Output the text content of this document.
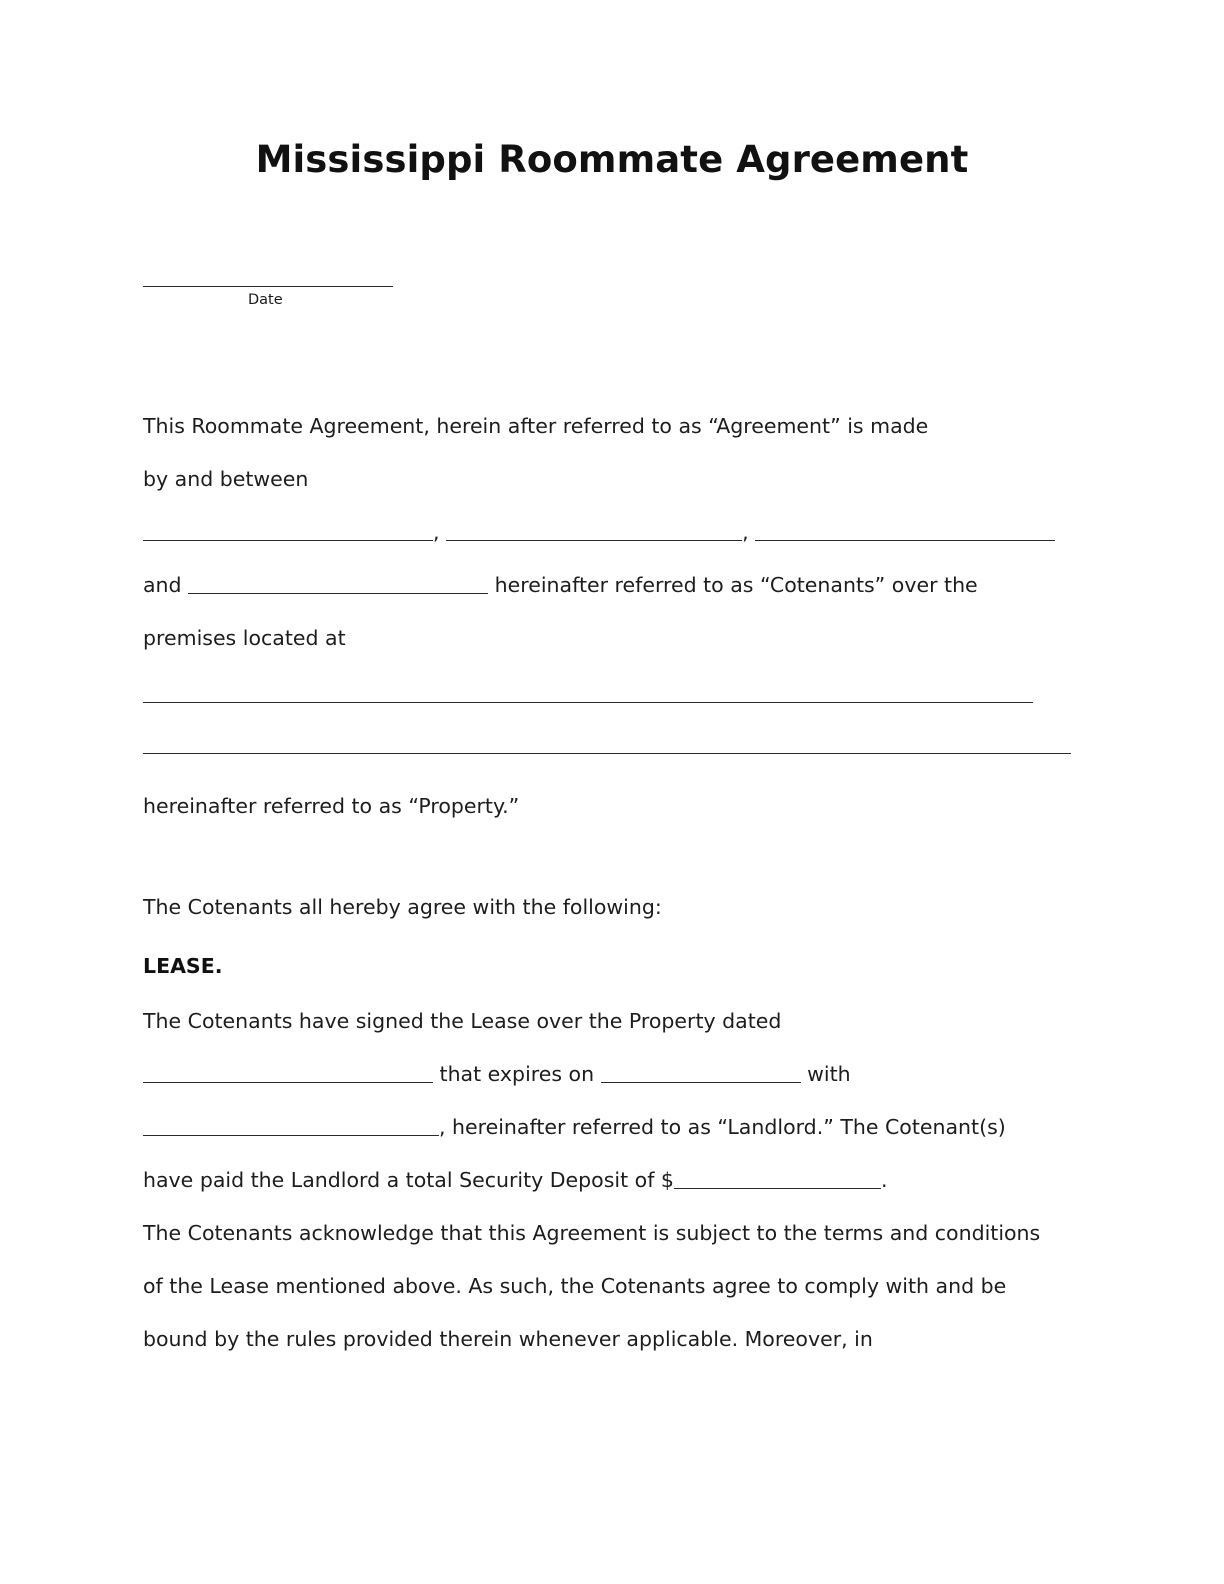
Mississippi Roommate Agreement
Date

This Roommate Agreement, herein after referred to as “Agreement” is made

by and between

,	,

and	hereinafter referred to as “Cotenants” over the

premises located at

hereinafter referred to as “Property.”

The Cotenants all hereby agree with the following:

LEASE.

The Cotenants have signed the Lease over the Property dated

that expires on	with

, hereinafter referred to as “Landlord.” The Cotenant(s)

have paid the Landlord a total Security Deposit of $	.

The Cotenants acknowledge that this Agreement is subject to the terms and conditions of the Lease mentioned above. As such, the Cotenants agree to comply with and be bound by the rules provided therein whenever applicable. Moreover, in
